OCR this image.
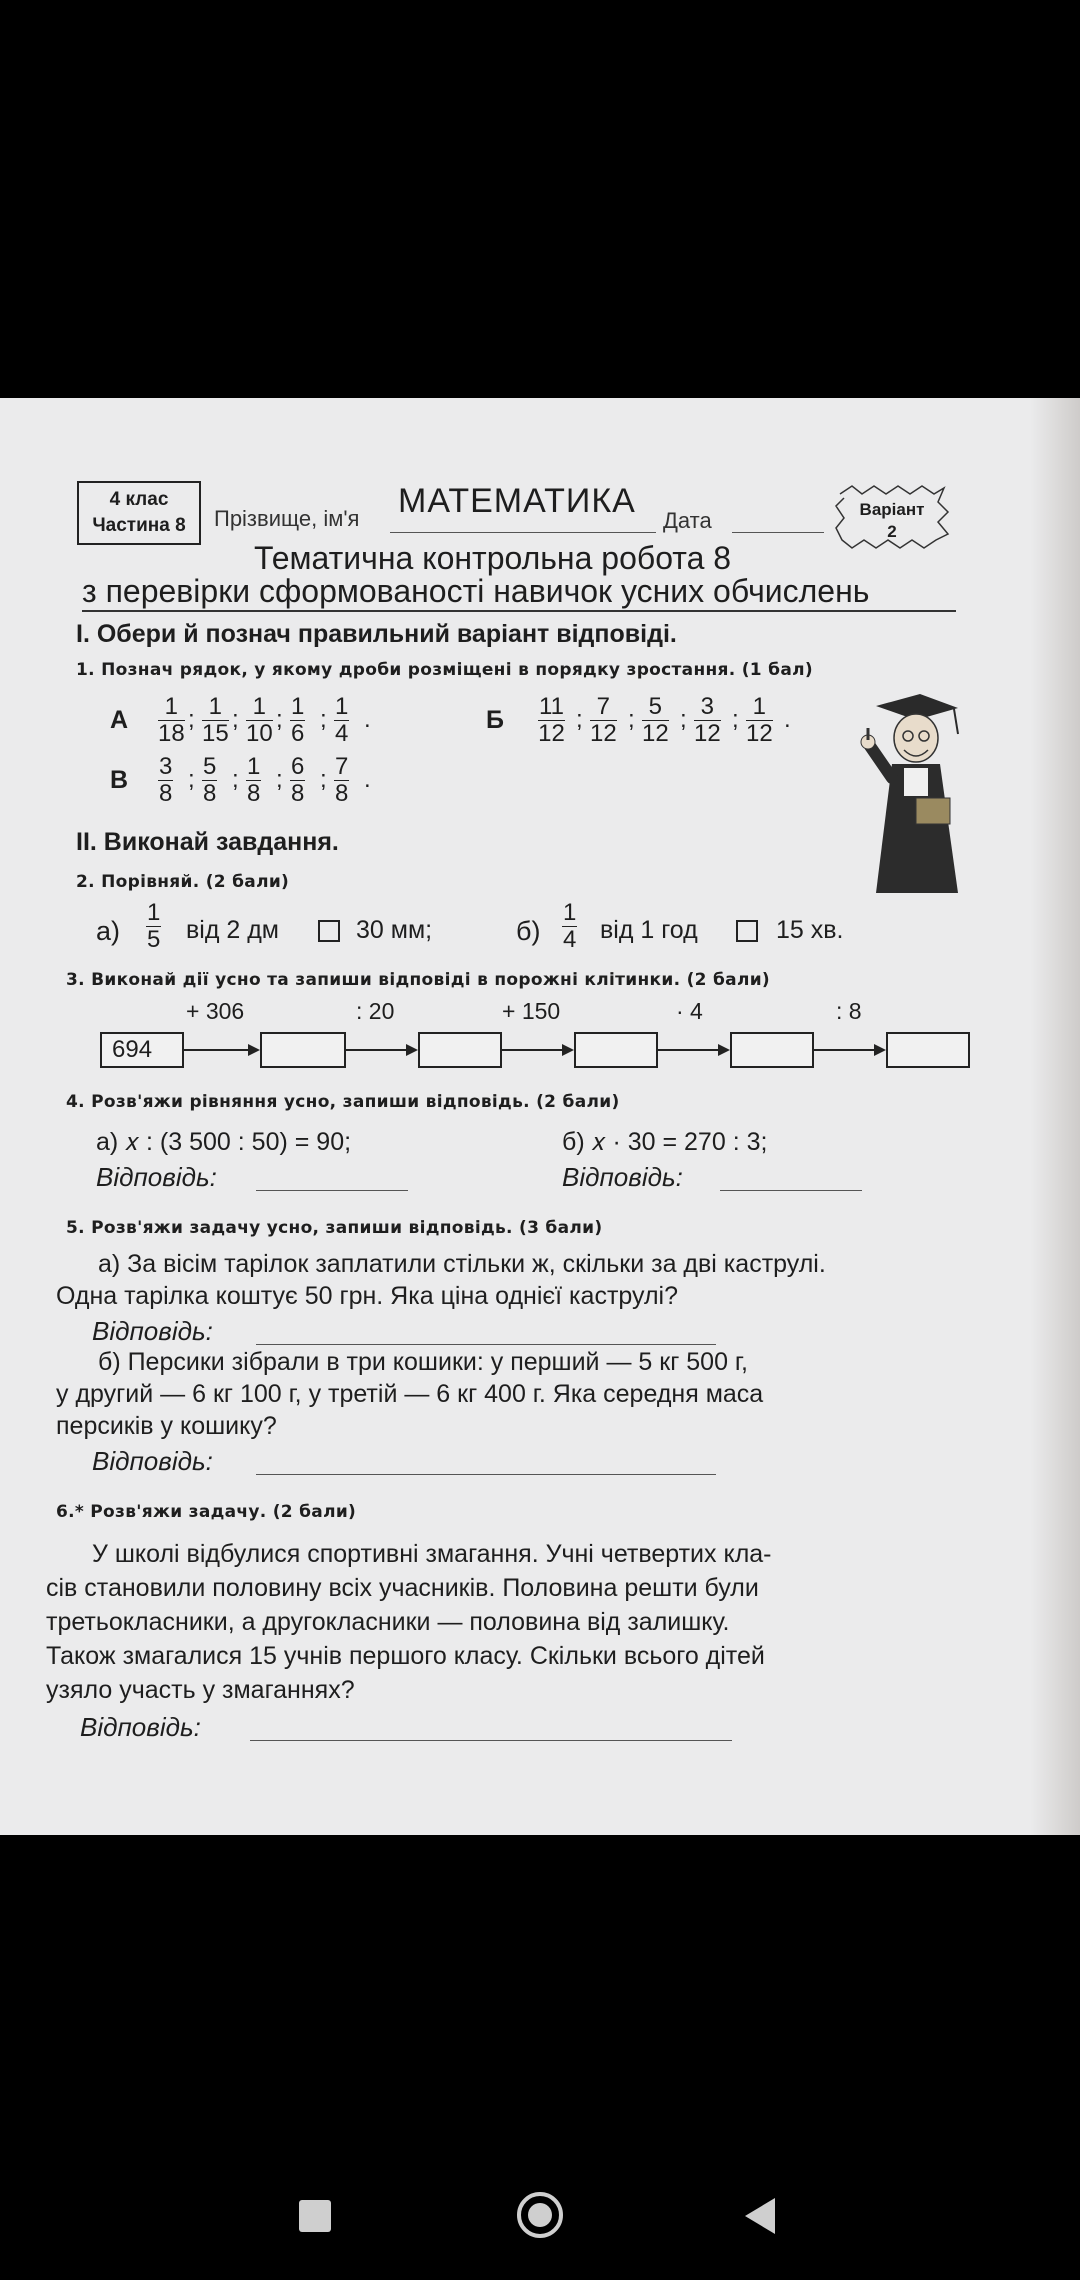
4 клас
Частина 8	Прізвище, ім'я МАТЕМАТИКА
Дата	Варіант
2
Тематична контрольна робота 8
з перевірки сформованості навичок усних обчислень
І. Обери й познач правильний варіант відповіді.
1. Познач рядок, у якому дроби розміщені в порядку зростання. (1 бал)
А $\frac{1}{18}$ ; $\frac{1}{15}$ ; $\frac{1}{10}$ ; $\frac{1}{6}$ ; $\frac{1}{4}$ .	Б $\frac{11}{12}$ ; $\frac{7}{12}$ ; $\frac{5}{12}$ ; $\frac{3}{12}$ ; $\frac{1}{12}$ .
В $\frac{3}{8}$ ; $\frac{5}{8}$ ; $\frac{1}{8}$ ; $\frac{6}{8}$ ; $\frac{7}{8}$ .
ІІ. Виконай завдання.
2. Порівняй. (2 бали)
$а) \frac{1}{5}$ від 2 дм	30 мм;	$б) \frac{1}{4}$ від 1 год	15 хв.
3. Виконай дії усно та запиши відповіді в порожні клітинки. (2 бали)
694
+ 306	: 20	+ 150	· 4	: 8
4. Розв'яжи рівняння усно, запиши відповідь. (2 бали)
а) 𝑥 : (3 500 : 50) = 90;	б) 𝑥 · 30 = 270 : 3;
Відповідь:	Відповідь:
5. Розв'яжи задачу усно, запиши відповідь. (3 бали)
а) За вісім тарілок заплатили стільки ж, скільки за дві каструлі.
Одна тарілка коштує 50 грн. Яка ціна однієї каструлі?
Відповідь:
б) Персики зібрали в три кошики: у перший — 5 кг 500 г,
у другий — 6 кг 100 г, у третій — 6 кг 400 г. Яка середня маса
персиків у кошику?
Відповідь:
6.* Розв'яжи задачу. (2 бали)
У школі відбулися спортивні змагання. Учні четвертих кла-
сів становили половину всіх учасників. Половина решти були
третьокласники, а другокласники — половина від залишку.
Також змагалися 15 учнів першого класу. Скільки всього дітей
узяло участь у змаганнях?
Відповідь:
